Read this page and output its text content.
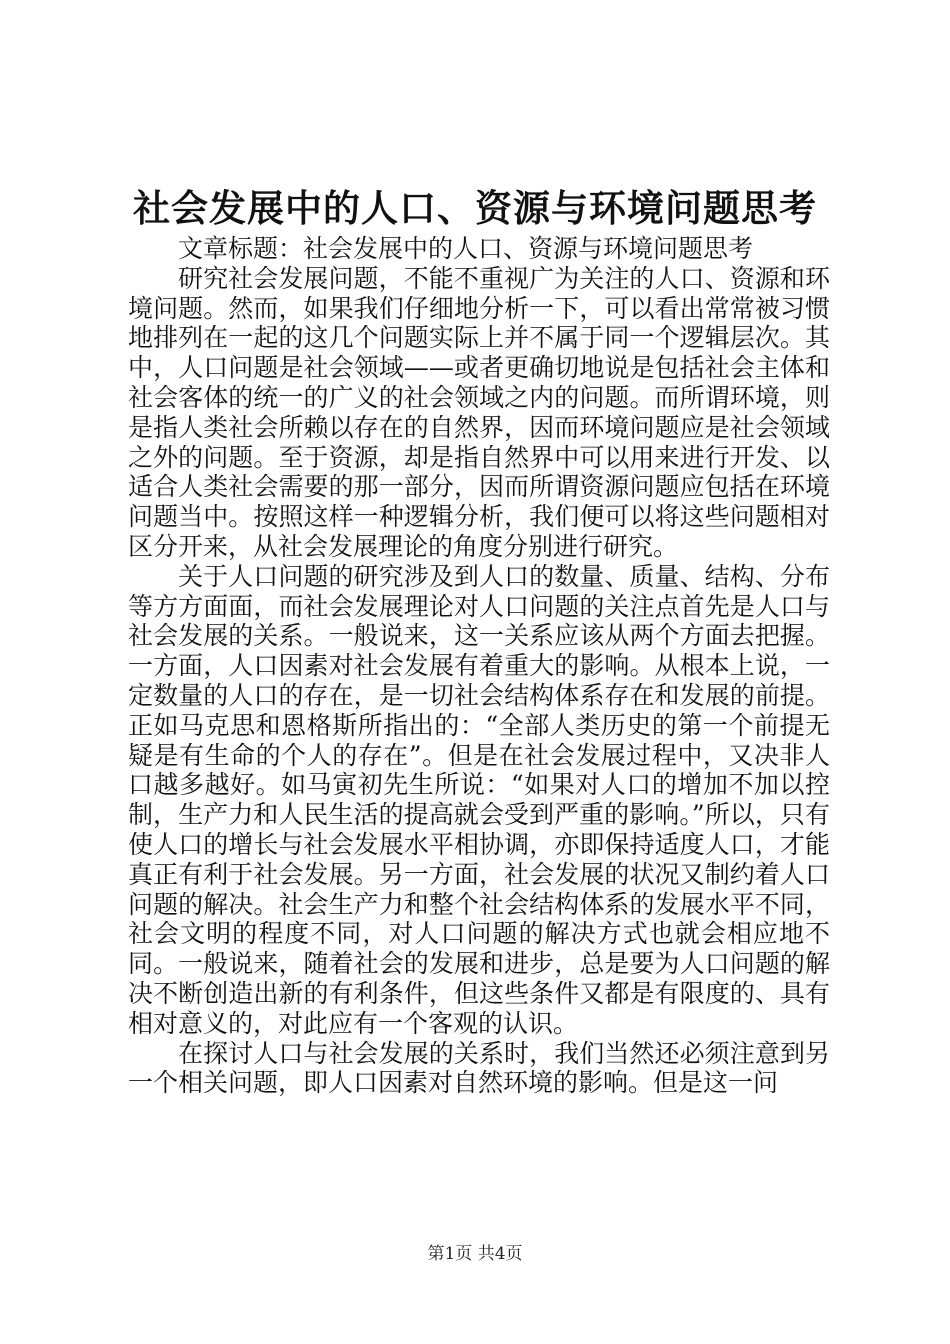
社会发展中的人口、资源与环境问题思考

文章标题：社会发展中的人口、资源与环境问题思考

研究社会发展问题，不能不重视广为关注的人口、资源和环境问题。然而，如果我们仔细地分析一下，可以看出常常被习惯地排列在一起的这几个问题实际上并不属于同一个逻辑层次。其中，人口问题是社会领域——或者更确切地说是包括社会主体和社会客体的统一的广义的社会领域之内的问题。而所谓环境，则是指人类社会所赖以存在的自然界，因而环境问题应是社会领域之外的问题。至于资源，却是指自然界中可以用来进行开发、以适合人类社会需要的那一部分，因而所谓资源问题应包括在环境问题当中。按照这样一种逻辑分析，我们便可以将这些问题相对区分开来，从社会发展理论的角度分别进行研究。

关于人口问题的研究涉及到人口的数量、质量、结构、分布等方方面面，而社会发展理论对人口问题的关注点首先是人口与社会发展的关系。一般说来，这一关系应该从两个方面去把握。一方面，人口因素对社会发展有着重大的影响。从根本上说，一定数量的人口的存在，是一切社会结构体系存在和发展的前提。正如马克思和恩格斯所指出的：“全部人类历史的第一个前提无疑是有生命的个人的存在”。但是在社会发展过程中，又决非人口越多越好。如马寅初先生所说：“如果对人口的增加不加以控制，生产力和人民生活的提高就会受到严重的影响。”所以，只有使人口的增长与社会发展水平相协调，亦即保持适度人口，才能真正有利于社会发展。另一方面，社会发展的状况又制约着人口问题的解决。社会生产力和整个社会结构体系的发展水平不同，社会文明的程度不同，对人口问题的解决方式也就会相应地不同。一般说来，随着社会的发展和进步，总是要为人口问题的解决不断创造出新的有利条件，但这些条件又都是有限度的、具有相对意义的，对此应有一个客观的认识。

在探讨人口与社会发展的关系时，我们当然还必须注意到另一个相关问题，即人口因素对自然环境的影响。但是这一问

第1页 共4页
